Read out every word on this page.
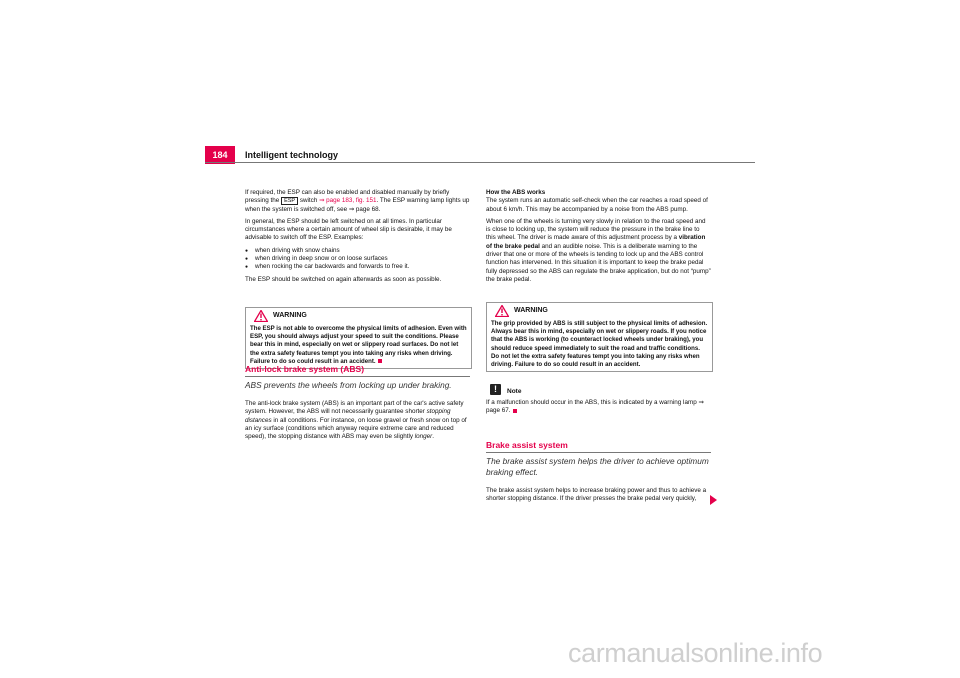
184	Intelligent technology

If required, the ESP can also be enabled and disabled manually by briefly pressing the ESP switch ⇒ page 183, fig. 151. The ESP warning lamp lights up when the system is switched off, see ⇒ page 68.

In general, the ESP should be left switched on at all times. In particular circumstances where a certain amount of wheel slip is desirable, it may be advisable to switch off the ESP. Examples:

● when driving with snow chains
● when driving in deep snow or on loose surfaces
● when rocking the car backwards and forwards to free it.

The ESP should be switched on again afterwards as soon as possible.

WARNING
The ESP is not able to overcome the physical limits of adhesion. Even with ESP, you should always adjust your speed to suit the conditions. Please bear this in mind, especially on wet or slippery road surfaces. Do not let the extra safety features tempt you into taking any risks when driving. Failure to do so could result in an accident.
Anti-lock brake system (ABS)
ABS prevents the wheels from locking up under braking.

The anti-lock brake system (ABS) is an important part of the car's active safety system. However, the ABS will not necessarily guarantee shorter stopping distances in all conditions. For instance, on loose gravel or fresh snow on top of an icy surface (conditions which anyway require extreme care and reduced speed), the stopping distance with ABS may even be slightly longer.

How the ABS works

The system runs an automatic self-check when the car reaches a road speed of about 6 km/h. This may be accompanied by a noise from the ABS pump.

When one of the wheels is turning very slowly in relation to the road speed and is close to locking up, the system will reduce the pressure in the brake line to this wheel. The driver is made aware of this adjustment process by a vibration of the brake pedal and an audible noise. This is a deliberate warning to the driver that one or more of the wheels is tending to lock up and the ABS control function has intervened. In this situation it is important to keep the brake pedal fully depressed so the ABS can regulate the brake application, but do not “pump” the brake pedal.

WARNING
The grip provided by ABS is still subject to the physical limits of adhesion. Always bear this in mind, especially on wet or slippery roads. If you notice that the ABS is working (to counteract locked wheels under braking), you should reduce speed immediately to suit the road and traffic conditions. Do not let the extra safety features tempt you into taking any risks when driving. Failure to do so could result in an accident.
!	Note

If a malfunction should occur in the ABS, this is indicated by a warning lamp ⇒ page 67.

Brake assist system
The brake assist system helps the driver to achieve optimum braking effect.

The brake assist system helps to increase braking power and thus to achieve a shorter stopping distance. If the driver presses the brake pedal very quickly,

carmanualsonline.info
